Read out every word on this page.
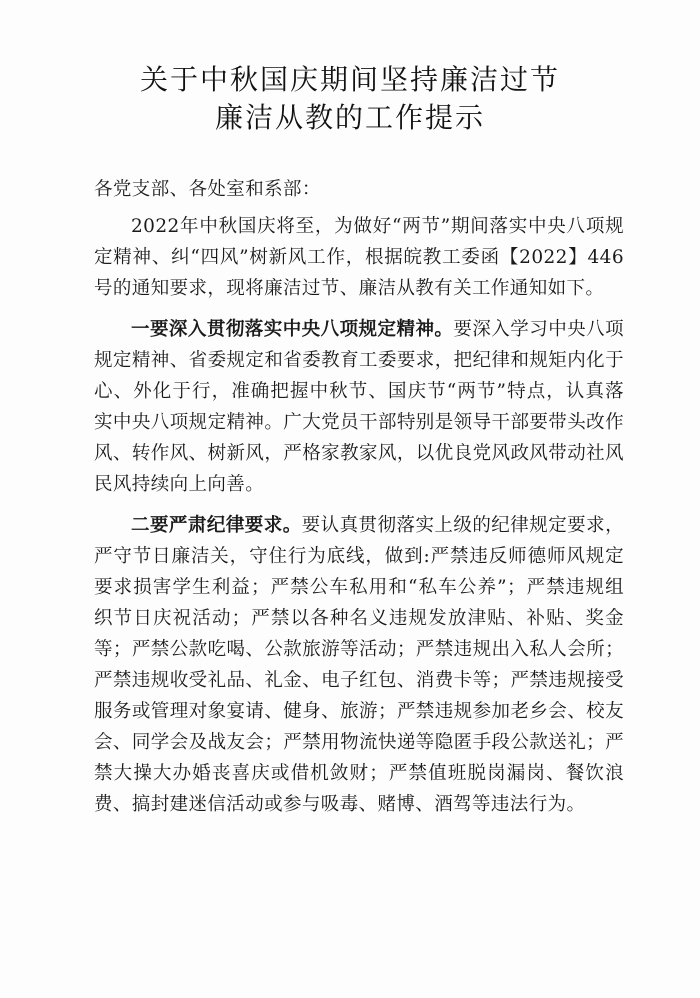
关于中秋国庆期间坚持廉洁过节
廉洁从教的工作提示

各党支部、各处室和系部：

2022年中秋国庆将至，为做好“两节”期间落实中央八项规定精神、纠“四风”树新风工作，根据皖教工委函【2022】446号的通知要求，现将廉洁过节、廉洁从教有关工作通知如下。

一要深入贯彻落实中央八项规定精神。要深入学习中央八项规定精神、省委规定和省委教育工委要求，把纪律和规矩内化于心、外化于行，准确把握中秋节、国庆节“两节”特点，认真落实中央八项规定精神。广大党员干部特别是领导干部要带头改作风、转作风、树新风，严格家教家风，以优良党风政风带动社风民风持续向上向善。

二要严肃纪律要求。要认真贯彻落实上级的纪律规定要求，严守节日廉洁关，守住行为底线，做到:严禁违反师德师风规定要求损害学生利益；严禁公车私用和“私车公养”；严禁违规组织节日庆祝活动；严禁以各种名义违规发放津贴、补贴、奖金等；严禁公款吃喝、公款旅游等活动；严禁违规出入私人会所；严禁违规收受礼品、礼金、电子红包、消费卡等；严禁违规接受服务或管理对象宴请、健身、旅游；严禁违规参加老乡会、校友会、同学会及战友会；严禁用物流快递等隐匿手段公款送礼；严禁大操大办婚丧喜庆或借机敛财；严禁值班脱岗漏岗、餐饮浪费、搞封建迷信活动或参与吸毒、赌博、酒驾等违法行为。
